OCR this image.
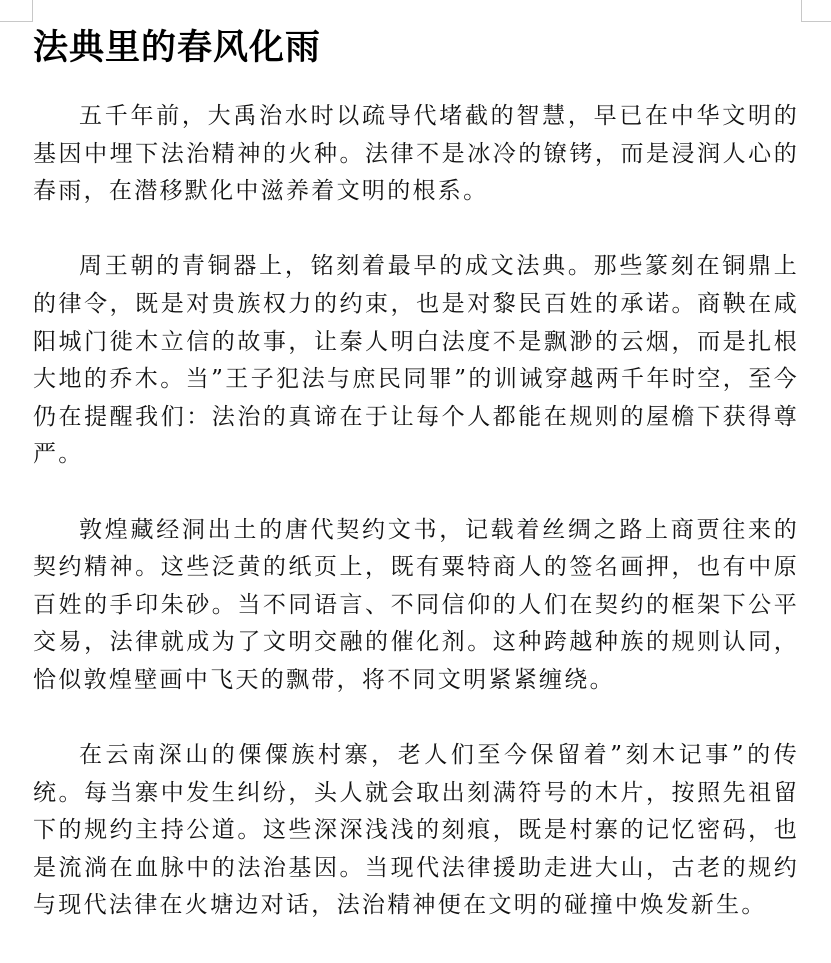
法典里的春风化雨

五千年前，大禹治水时以疏导代堵截的智慧，早已在中华文明的基因中埋下法治精神的火种。法律不是冰冷的镣铐，而是浸润人心的春雨，在潜移默化中滋养着文明的根系。

周王朝的青铜器上，铭刻着最早的成文法典。那些篆刻在铜鼎上的律令，既是对贵族权力的约束，也是对黎民百姓的承诺。商鞅在咸阳城门徙木立信的故事，让秦人明白法度不是飘渺的云烟，而是扎根大地的乔木。当”王子犯法与庶民同罪”的训诫穿越两千年时空，至今仍在提醒我们：法治的真谛在于让每个人都能在规则的屋檐下获得尊严。

敦煌藏经洞出土的唐代契约文书，记载着丝绸之路上商贾往来的契约精神。这些泛黄的纸页上，既有粟特商人的签名画押，也有中原百姓的手印朱砂。当不同语言、不同信仰的人们在契约的框架下公平交易，法律就成为了文明交融的催化剂。这种跨越种族的规则认同，恰似敦煌壁画中飞天的飘带，将不同文明紧紧缠绕。

在云南深山的傈僳族村寨，老人们至今保留着”刻木记事”的传统。每当寨中发生纠纷，头人就会取出刻满符号的木片，按照先祖留下的规约主持公道。这些深深浅浅的刻痕，既是村寨的记忆密码，也是流淌在血脉中的法治基因。当现代法律援助走进大山，古老的规约与现代法律在火塘边对话，法治精神便在文明的碰撞中焕发新生。
